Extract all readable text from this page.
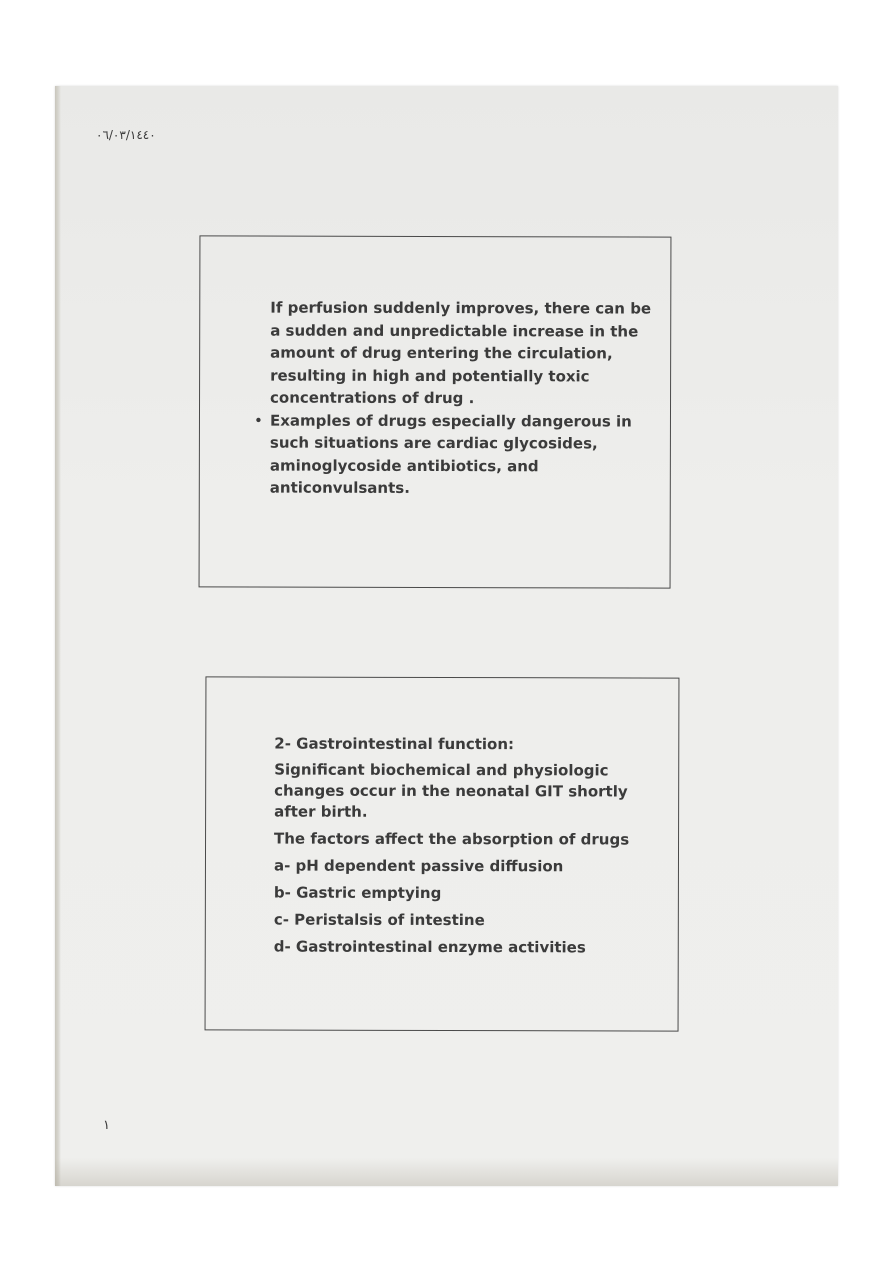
٠٦/٠٣/١٤٤٠

If perfusion suddenly improves, there can be a sudden and unpredictable increase in the amount of drug entering the circulation, resulting in high and potentially toxic concentrations of drug .

• Examples of drugs especially dangerous in such situations are cardiac glycosides, aminoglycoside antibiotics, and anticonvulsants.
2- Gastrointestinal function:
Significant biochemical and physiologic changes occur in the neonatal GIT shortly after birth.
The factors affect the absorption of drugs
a- pH dependent passive diffusion
b- Gastric emptying
c- Peristalsis of intestine
d- Gastrointestinal enzyme activities
١
